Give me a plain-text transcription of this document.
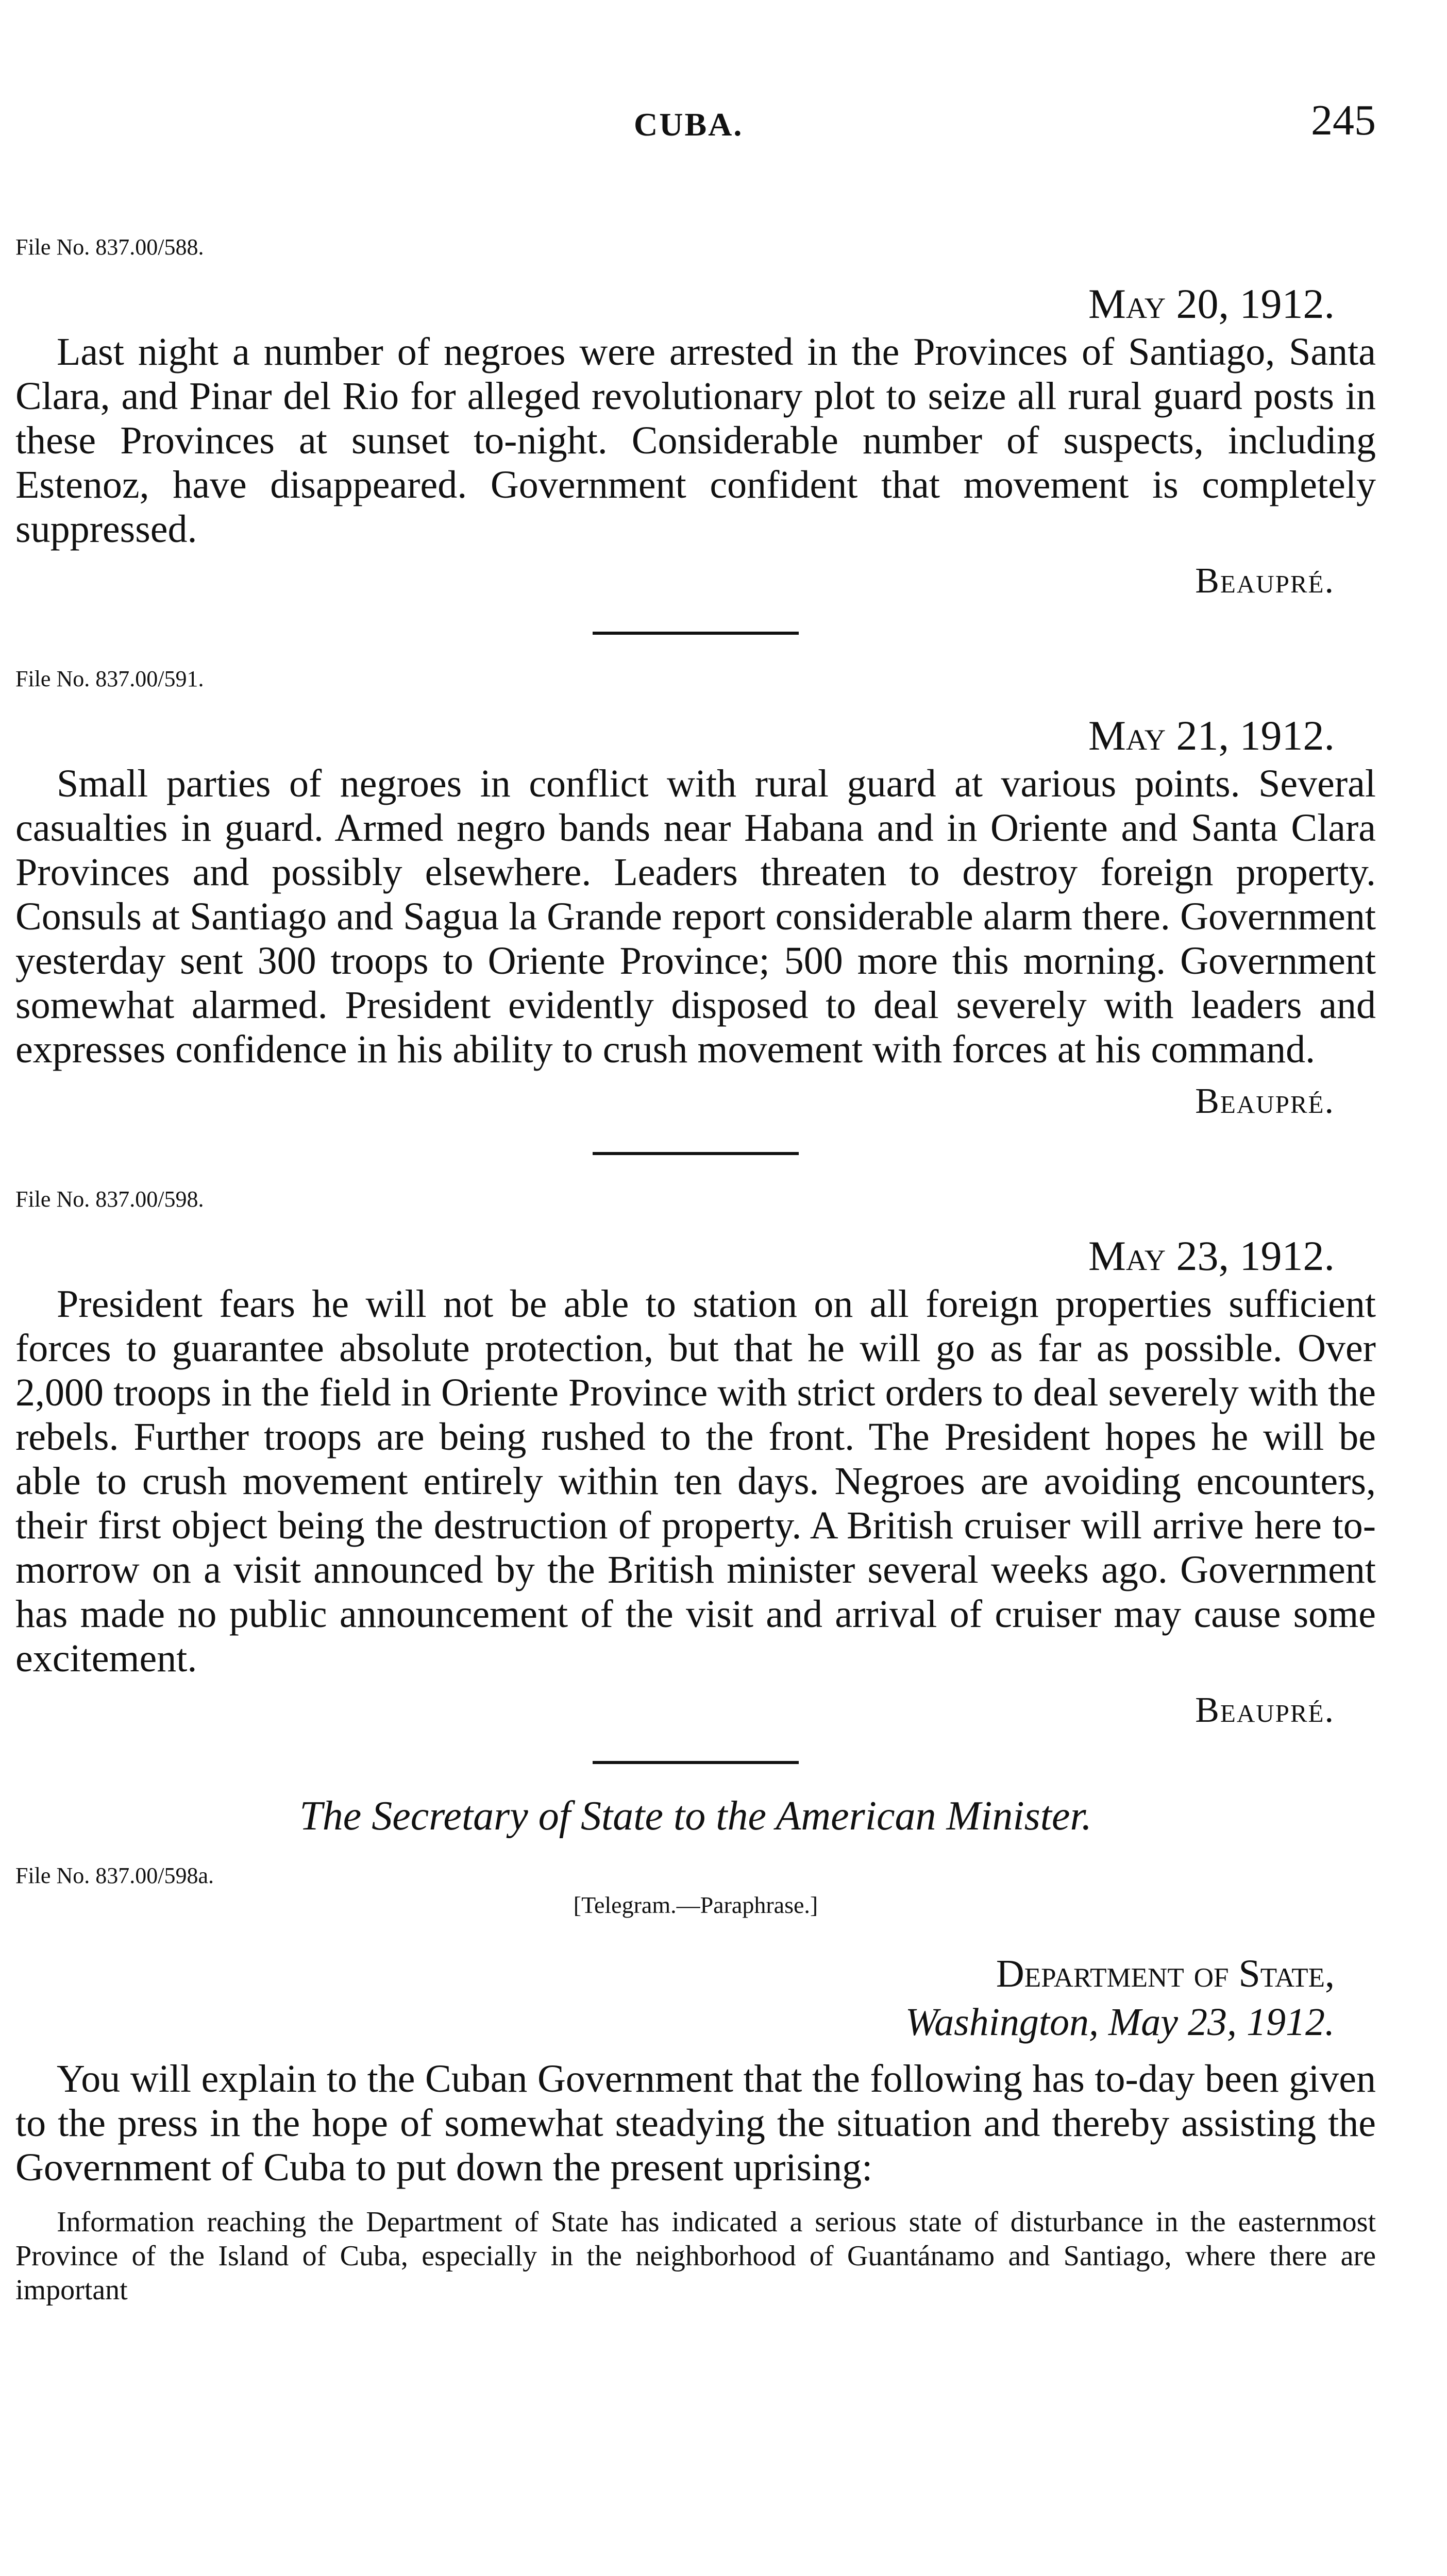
CUBA.	245

File No. 837.00/588.

May 20, 1912.

Last night a number of negroes were arrested in the Provinces of Santiago, Santa Clara, and Pinar del Rio for alleged revolutionary plot to seize all rural guard posts in these Provinces at sunset to-night. Considerable number of suspects, including Estenoz, have disappeared. Government confident that movement is completely suppressed.

Beaupré.

File No. 837.00/591.

May 21, 1912.

Small parties of negroes in conflict with rural guard at various points. Several casualties in guard. Armed negro bands near Habana and in Oriente and Santa Clara Provinces and possibly elsewhere. Leaders threaten to destroy foreign property. Consuls at Santiago and Sagua la Grande report considerable alarm there. Government yesterday sent 300 troops to Oriente Province; 500 more this morning. Government somewhat alarmed. President evidently disposed to deal severely with leaders and expresses confidence in his ability to crush movement with forces at his command.

Beaupré.

File No. 837.00/598.

May 23, 1912.

President fears he will not be able to station on all foreign properties sufficient forces to guarantee absolute protection, but that he will go as far as possible. Over 2,000 troops in the field in Oriente Province with strict orders to deal severely with the rebels. Further troops are being rushed to the front. The President hopes he will be able to crush movement entirely within ten days. Negroes are avoiding encounters, their first object being the destruction of property. A British cruiser will arrive here to-morrow on a visit announced by the British minister several weeks ago. Government has made no public announcement of the visit and arrival of cruiser may cause some excitement.

Beaupré.

The Secretary of State to the American Minister.

File No. 837.00/598a.

[Telegram.—Paraphrase.]

Department of State,
Washington, May 23, 1912.

You will explain to the Cuban Government that the following has to-day been given to the press in the hope of somewhat steadying the situation and thereby assisting the Government of Cuba to put down the present uprising:

Information reaching the Department of State has indicated a serious state of disturbance in the easternmost Province of the Island of Cuba, especially in the neighborhood of Guantánamo and Santiago, where there are important
